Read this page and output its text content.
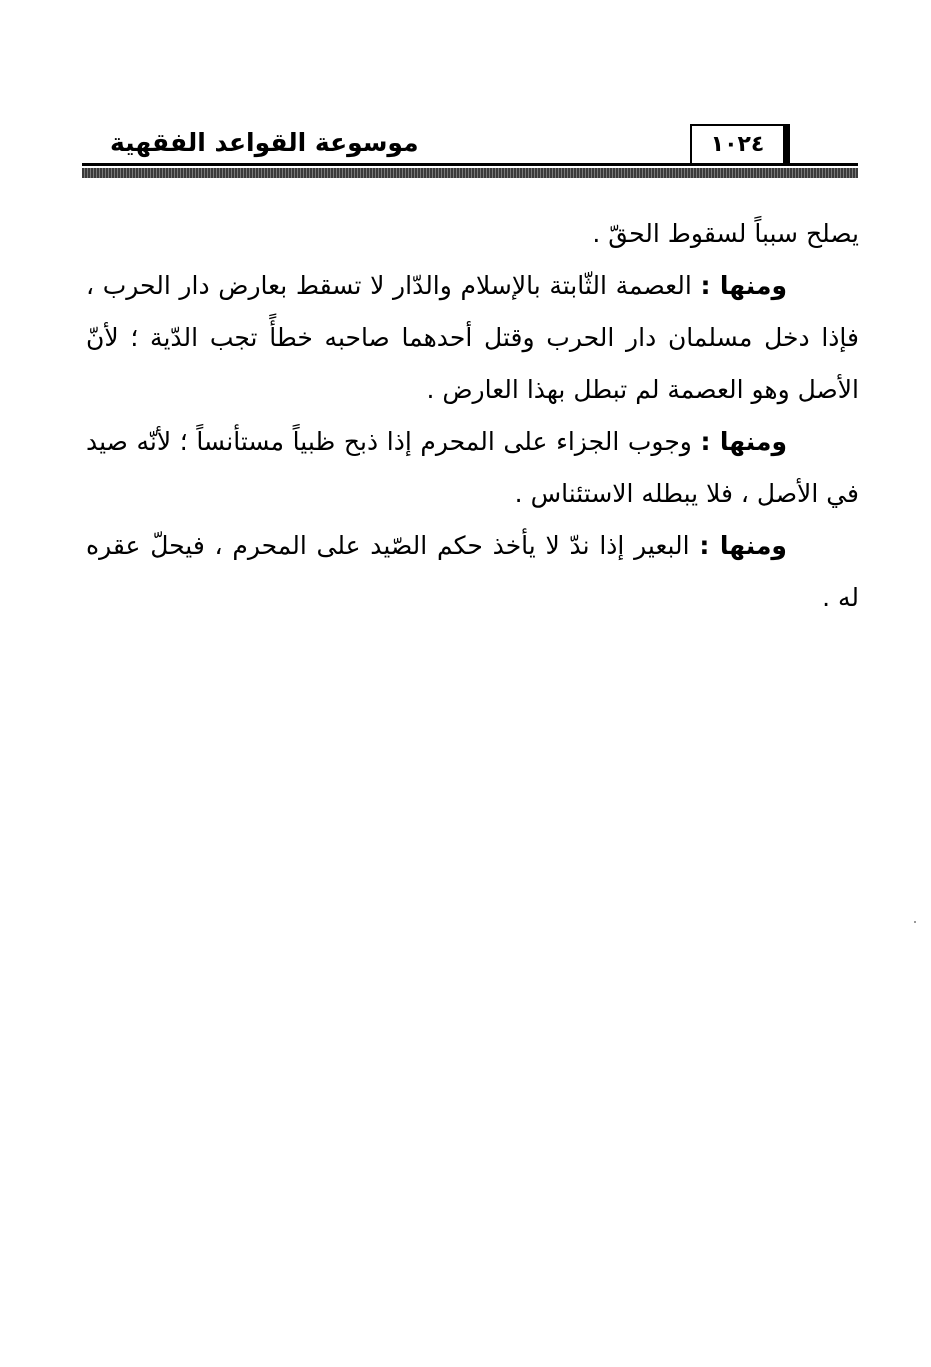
موسوعة القواعد الفقهية	١٠٢٤

يصلح سبباً لسقوط الحقّ .

ومنها : العصمة الثّابتة بالإسلام والدّار لا تسقط بعارض دار الحرب ، فإذا دخل مسلمان دار الحرب وقتل أحدهما صاحبه خطأً تجب الدّية ؛ لأنّ الأصل وهو العصمة لم تبطل بهذا العارض .

ومنها : وجوب الجزاء على المحرم إذا ذبح ظبياً مستأنساً ؛ لأنّه صيد في الأصل ، فلا يبطله الاستئناس .

ومنها : البعير إذا ندّ لا يأخذ حكم الصّيد على المحرم ، فيحلّ عقره له .
